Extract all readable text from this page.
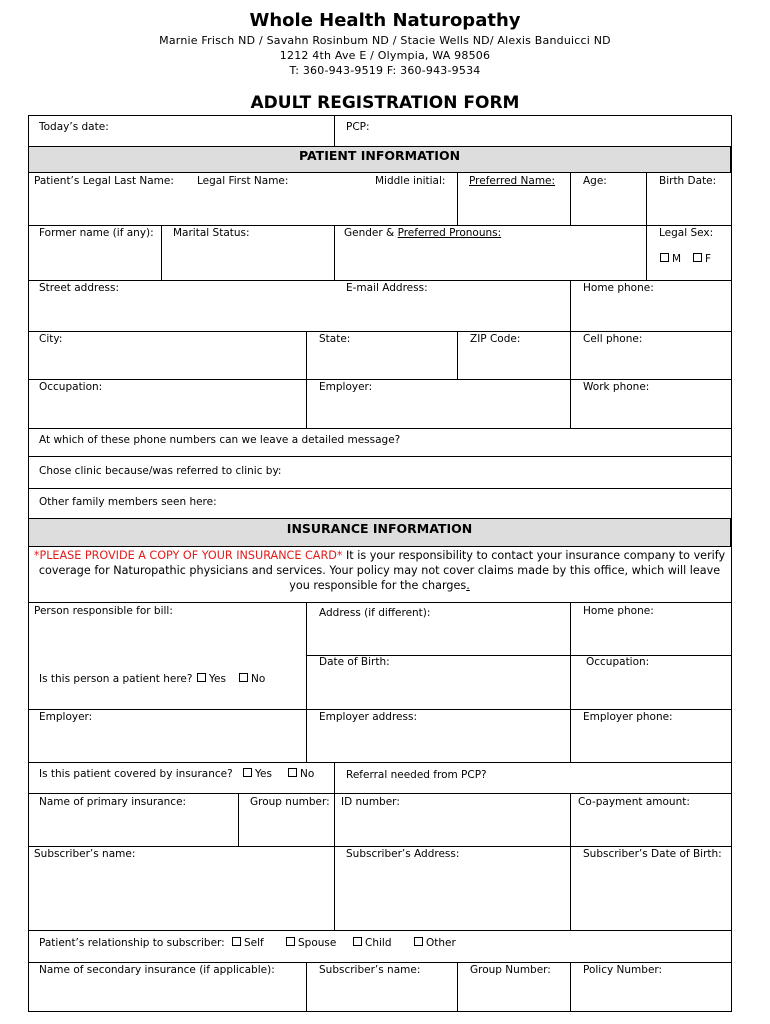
Whole Health Naturopathy
Marnie Frisch ND / Savahn Rosinbum ND / Stacie Wells ND/ Alexis Banduicci ND
1212 4th Ave E / Olympia, WA 98506
T: 360-943-9519 F: 360-943-9534
ADULT REGISTRATION FORM
Today’s date:	PCP:
PATIENT INFORMATION
Patient’s Legal Last Name: Legal First Name:	Middle initial: Preferred Name:	Age:	Birth Date:
Former name (if any): Marital Status:	Gender & Preferred Pronouns:	Legal Sex:
M	F
Street address:	E-mail Address:	Home phone:
City:	State:	ZIP Code:	Cell phone:
Occupation:	Employer:	Work phone:
At which of these phone numbers can we leave a detailed message?
Chose clinic because/was referred to clinic by:
Other family members seen here:
INSURANCE INFORMATION
*PLEASE PROVIDE A COPY OF YOUR INSURANCE CARD* It is your responsibility to contact your insurance company to verify coverage for Naturopathic physicians and services. Your policy may not cover claims made by this office, which will leave you responsible for the charges.
Person responsible for bill:	Address (if different):	Home phone:
Is this person a patient here?	Yes	No
Date of Birth:	Occupation:
Employer:	Employer address:	Employer phone:
Is this patient covered by insurance?	Yes	No	Referral needed from PCP?
Name of primary insurance:	Group number: ID number:	Co-payment amount:
Subscriber’s name:	Subscriber’s Address:	Subscriber’s Date of Birth:
Patient’s relationship to subscriber:	Self	Spouse	Child	Other
Name of secondary insurance (if applicable):	Subscriber’s name:	Group Number:	Policy Number:
